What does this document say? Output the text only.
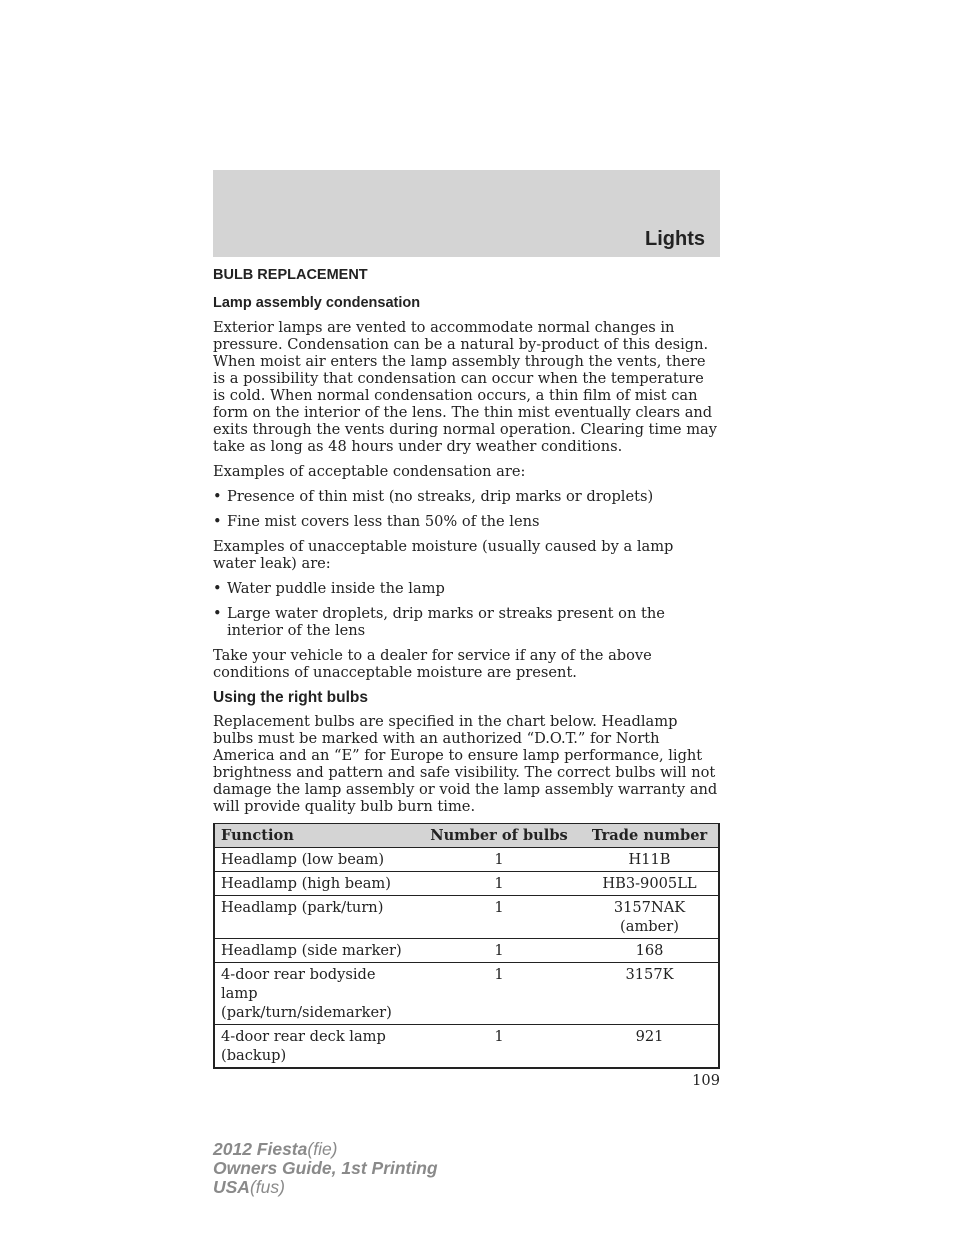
Lights
BULB REPLACEMENT
Lamp assembly condensation

Exterior lamps are vented to accommodate normal changes in pressure. Condensation can be a natural by-product of this design. When moist air enters the lamp assembly through the vents, there is a possibility that condensation can occur when the temperature is cold. When normal condensation occurs, a thin film of mist can form on the interior of the lens. The thin mist eventually clears and exits through the vents during normal operation. Clearing time may take as long as 48 hours under dry weather conditions.

Examples of acceptable condensation are:

• Presence of thin mist (no streaks, drip marks or droplets)
• Fine mist covers less than 50% of the lens

Examples of unacceptable moisture (usually caused by a lamp water leak) are:

• Water puddle inside the lamp
• Large water droplets, drip marks or streaks present on the interior of the lens

Take your vehicle to a dealer for service if any of the above conditions of unacceptable moisture are present.

Using the right bulbs

Replacement bulbs are specified in the chart below. Headlamp bulbs must be marked with an authorized “D.O.T.” for North America and an “E” for Europe to ensure lamp performance, light brightness and pattern and safe visibility. The correct bulbs will not damage the lamp assembly or void the lamp assembly warranty and will provide quality bulb burn time.

Function	Number of bulbs	Trade number
Headlamp (low beam)	1	H11B
Headlamp (high beam)	1	HB3-9005LL
Headlamp (park/turn)	1	3157NAK
(amber)

Headlamp (side marker)	1	168

4-door rear bodyside lamp
(park/turn/sidemarker)	1	3157K

4-door rear deck lamp
(backup)	1	921

109

2012 Fiesta(fie)
Owners Guide, 1st Printing
USA(fus)
